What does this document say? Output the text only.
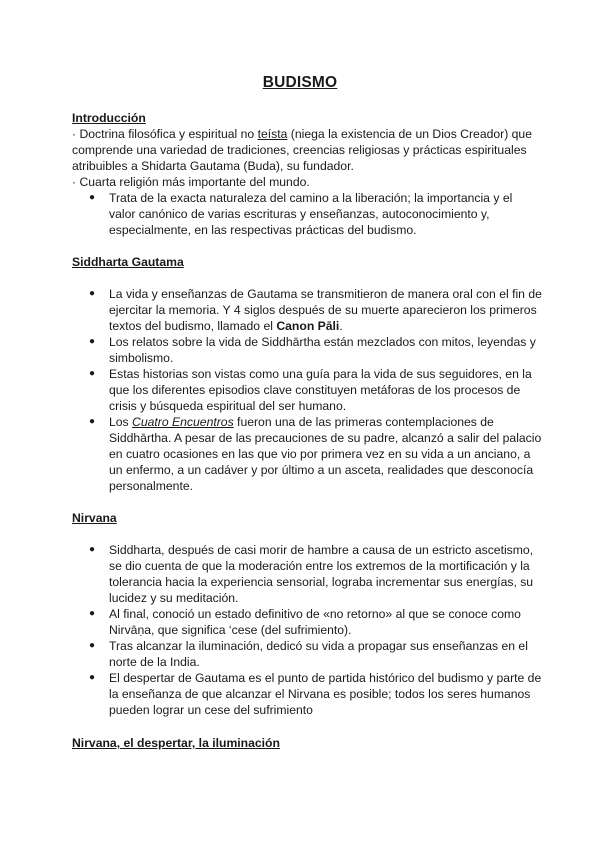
BUDISMO
Introducción
· Doctrina filosófica y espiritual no teísta (niega la existencia de un Dios Creador) que comprende una variedad de tradiciones, creencias religiosas y prácticas espirituales atribuibles a Shidarta Gautama (Buda), su fundador.
· Cuarta religión más importante del mundo.
● Trata de la exacta naturaleza del camino a la liberación; la importancia y el valor canónico de varias escrituras y enseñanzas, autoconocimiento y, especialmente, en las respectivas prácticas del budismo.
Siddharta Gautama
● La vida y enseñanzas de Gautama se transmitieron de manera oral con el fin de ejercitar la memoria. Y 4 siglos después de su muerte aparecieron los primeros textos del budismo, llamado el Canon Pāli.
● Los relatos sobre la vida de Siddhārtha están mezclados con mitos, leyendas y simbolismo.
● Estas historias son vistas como una guía para la vida de sus seguidores, en la que los diferentes episodios clave constituyen metáforas de los procesos de crisis y búsqueda espiritual del ser humano.
● Los Cuatro Encuentros fueron una de las primeras contemplaciones de Siddhārtha. A pesar de las precauciones de su padre, alcanzó a salir del palacio en cuatro ocasiones en las que vio por primera vez en su vida a un anciano, a un enfermo, a un cadáver y por último a un asceta, realidades que desconocía personalmente.
Nirvana
● Siddharta, después de casi morir de hambre a causa de un estricto ascetismo, se dio cuenta de que la moderación entre los extremos de la mortificación y la tolerancia hacia la experiencia sensorial, lograba incrementar sus energías, su lucidez y su meditación.
● Al final, conoció un estado definitivo de «no retorno» al que se conoce como Nirvāṇa, que significa ‘cese (del sufrimiento).
● Tras alcanzar la iluminación, dedicó su vida a propagar sus enseñanzas en el norte de la India.
● El despertar de Gautama es el punto de partida histórico del budismo y parte de la enseñanza de que alcanzar el Nirvana es posible; todos los seres humanos pueden lograr un cese del sufrimiento
Nirvana, el despertar, la iluminación
